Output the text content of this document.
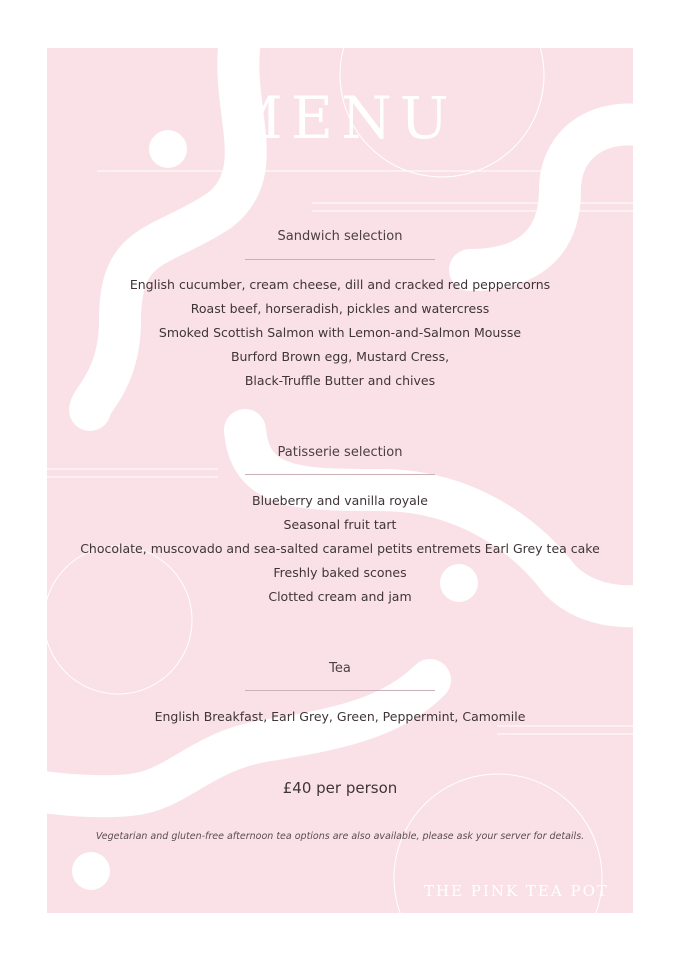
MENU
Sandwich selection
English cucumber, cream cheese, dill and cracked red peppercorns
Roast beef, horseradish, pickles and watercress
Smoked Scottish Salmon with Lemon-and-Salmon Mousse
Burford Brown egg, Mustard Cress,
Black-Truffle Butter and chives
Patisserie selection
Blueberry and vanilla royale
Seasonal fruit tart
Chocolate, muscovado and sea-salted caramel petits entremets Earl Grey tea cake
Freshly baked scones
Clotted cream and jam
Tea
English Breakfast, Earl Grey, Green, Peppermint, Camomile
£40 per person
Vegetarian and gluten-free afternoon tea options are also available, please ask your server for details.
THE PINK TEA POT
